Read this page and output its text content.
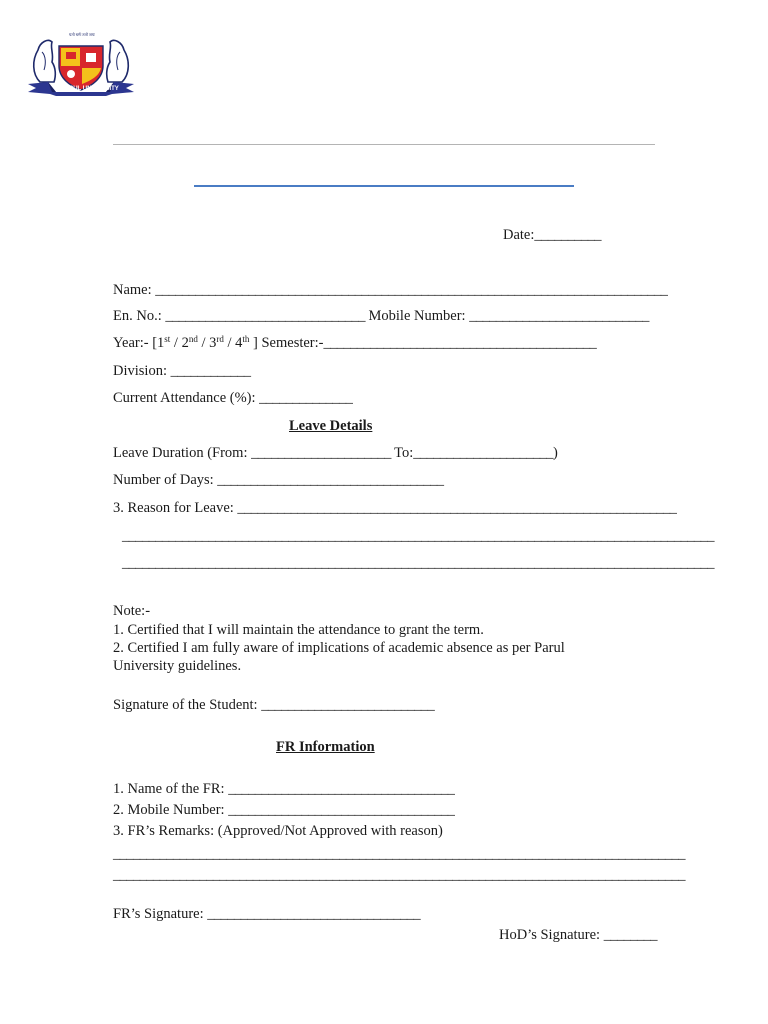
यतो धर्मः ततो जयः
PARUL UNIVERSITY
Date:__________
Name: _____________________________________________________________________________
En. No.: ______________________________ Mobile Number: ___________________________
Year:- [1st / 2nd / 3rd / 4th ] Semester:-_________________________________________
Division: ____________
Current Attendance (%): ______________
Leave Details
Leave Duration (From: _____________________ To:_____________________)
Number of Days: __________________________________
3. Reason for Leave: __________________________________________________________________
_________________________________________________________________________________________
_________________________________________________________________________________________
Note:-
1. Certified that I will maintain the attendance to grant the term.
2. Certified I am fully aware of implications of academic absence as per Parul
University guidelines.
Signature of the Student: __________________________
FR Information
1. Name of the FR: __________________________________
2. Mobile Number: __________________________________
3. FR’s Remarks: (Approved/Not Approved with reason)
______________________________________________________________________________________
______________________________________________________________________________________
FR’s Signature: ________________________________
HoD’s Signature: ________
